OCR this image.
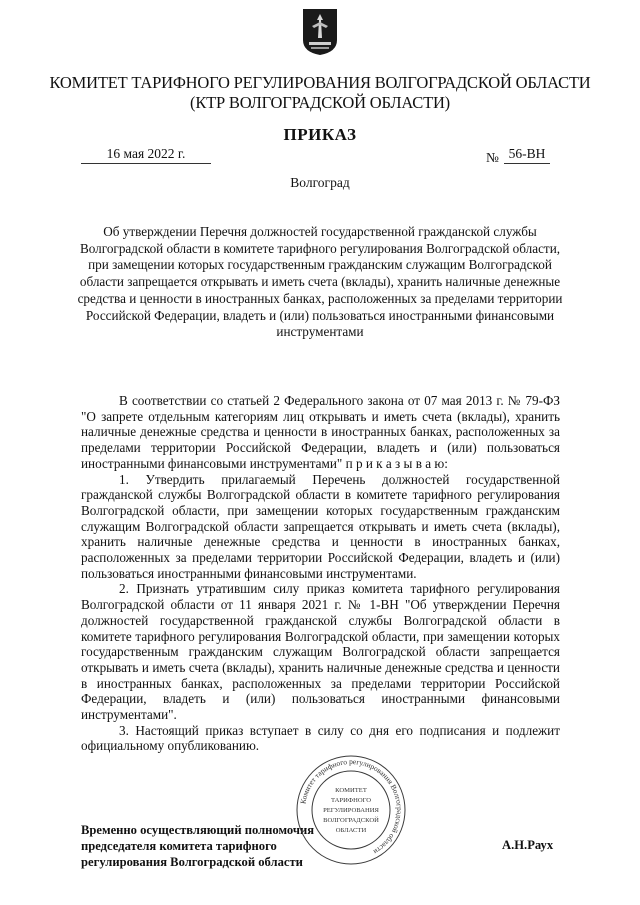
КОМИТЕТ ТАРИФНОГО РЕГУЛИРОВАНИЯ ВОЛГОГРАДСКОЙ ОБЛАСТИ
(КТР ВОЛГОГРАДСКОЙ ОБЛАСТИ)
ПРИКАЗ
16 мая 2022 г.	№ 56-ВН
Волгоград
Об утверждении Перечня должностей государственной гражданской службы Волгоградской области в комитете тарифного регулирования Волгоградской области, при замещении которых государственным гражданским служащим Волгоградской области запрещается открывать и иметь счета (вклады), хранить наличные денежные средства и ценности в иностранных банках, расположенных за пределами территории Российской Федерации, владеть и (или) пользоваться иностранными финансовыми инструментами

В соответствии со статьей 2 Федерального закона от 07 мая 2013 г. № 79-ФЗ "О запрете отдельным категориям лиц открывать и иметь счета (вклады), хранить наличные денежные средства и ценности в иностранных банках, расположенных за пределами территории Российской Федерации, владеть и (или) пользоваться иностранными финансовыми инструментами" п р и к а з ы в а ю:

1. Утвердить прилагаемый Перечень должностей государственной гражданской службы Волгоградской области в комитете тарифного регулирования Волгоградской области, при замещении которых государственным гражданским служащим Волгоградской области запрещается открывать и иметь счета (вклады), хранить наличные денежные средства и ценности в иностранных банках, расположенных за пределами территории Российской Федерации, владеть и (или) пользоваться иностранными финансовыми инструментами.

2. Признать утратившим силу приказ комитета тарифного регулирования Волгоградской области от 11 января 2021 г. № 1-ВН "Об утверждении Перечня должностей государственной гражданской службы Волгоградской области в комитете тарифного регулирования Волгоградской области, при замещении которых государственным гражданским служащим Волгоградской области запрещается открывать и иметь счета (вклады), хранить наличные денежные средства и ценности в иностранных банках, расположенных за пределами территории Российской Федерации, владеть и (или) пользоваться иностранными финансовыми инструментами".

3. Настоящий приказ вступает в силу со дня его подписания и подлежит официальному опубликованию.

Временно осуществляющий полномочия
председателя комитета тарифного
регулирования Волгоградской области
Комитет тарифного регулирования Волгоградской области
КОМИТЕТ
ТАРИФНОГО
РЕГУЛИРОВАНИЯ
ВОЛГОГРАДСКОЙ
ОБЛАСТИ
А.Н.Раух
